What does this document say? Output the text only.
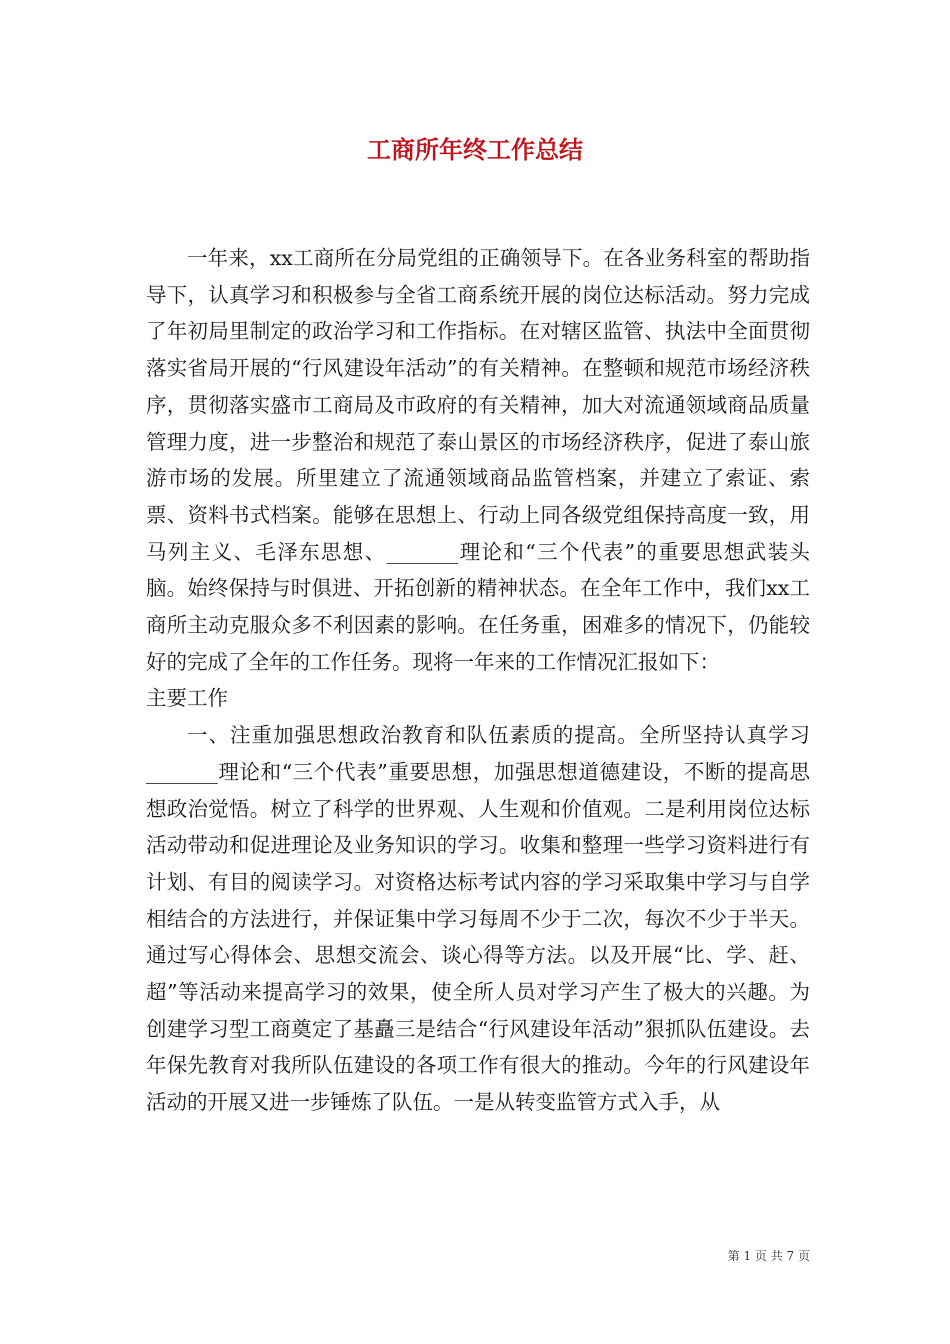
工商所年终工作总结

一年来，xx工商所在分局党组的正确领导下。在各业务科室的帮助指导下，认真学习和积极参与全省工商系统开展的岗位达标活动。努力完成了年初局里制定的政治学习和工作指标。在对辖区监管、执法中全面贯彻落实省局开展的“行风建设年活动”的有关精神。在整顿和规范市场经济秩序，贯彻落实盛市工商局及市政府的有关精神，加大对流通领域商品质量管理力度，进一步整治和规范了泰山景区的市场经济秩序，促进了泰山旅游市场的发展。所里建立了流通领域商品监管档案，并建立了索证、索票、资料书式档案。能够在思想上、行动上同各级党组保持高度一致，用马列主义、毛泽东思想、_______理论和“三个代表”的重要思想武装头脑。始终保持与时俱进、开拓创新的精神状态。在全年工作中，我们xx工商所主动克服众多不利因素的影响。在任务重，困难多的情况下，仍能较好的完成了全年的工作任务。现将一年来的工作情况汇报如下：

主要工作

一、注重加强思想政治教育和队伍素质的提高。全所坚持认真学习_______理论和“三个代表”重要思想，加强思想道德建设，不断的提高思想政治觉悟。树立了科学的世界观、人生观和价值观。二是利用岗位达标活动带动和促进理论及业务知识的学习。收集和整理一些学习资料进行有计划、有目的阅读学习。对资格达标考试内容的学习采取集中学习与自学相结合的方法进行，并保证集中学习每周不少于二次，每次不少于半天。通过写心得体会、思想交流会、谈心得等方法。以及开展“比、学、赶、超”等活动来提高学习的效果，使全所人员对学习产生了极大的兴趣。为创建学习型工商奠定了基矗三是结合“行风建设年活动”狠抓队伍建设。去年保先教育对我所队伍建设的各项工作有很大的推动。今年的行风建设年活动的开展又进一步锤炼了队伍。一是从转变监管方式入手，从

第 1 页 共 7 页
